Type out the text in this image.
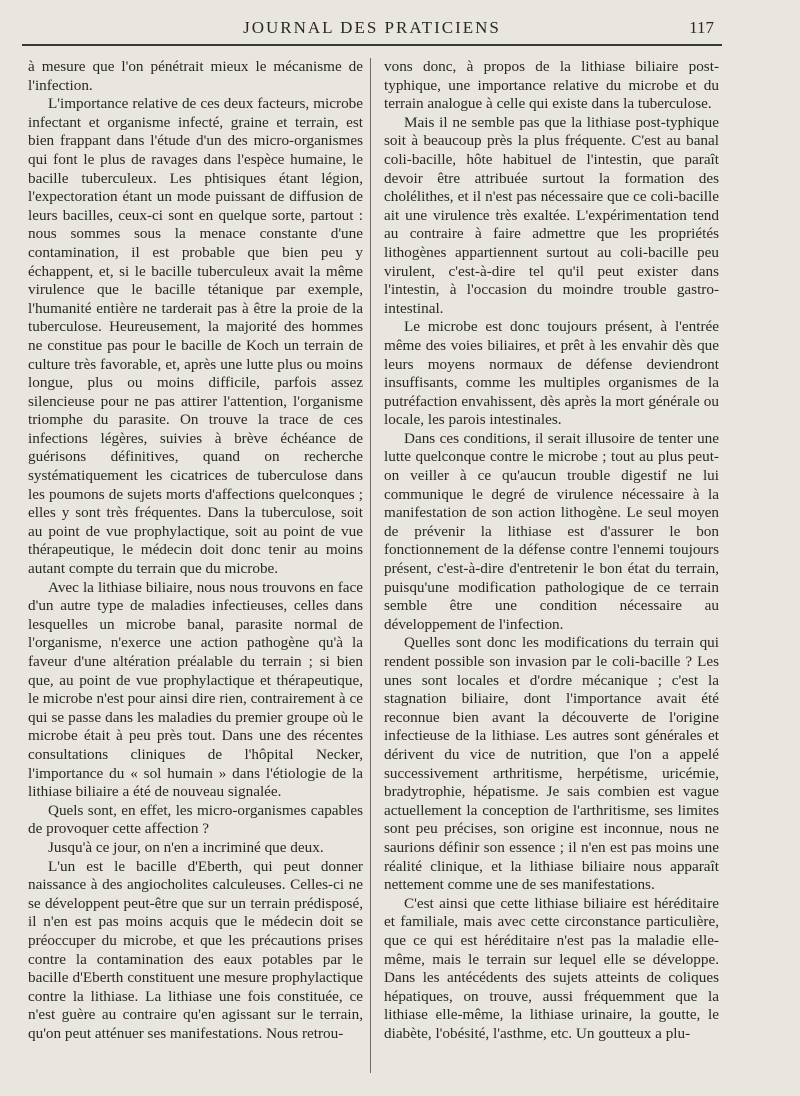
JOURNAL DES PRATICIENS	117

à mesure que l'on pénétrait mieux le mécanisme de l'infection.

L'importance relative de ces deux facteurs, microbe infectant et organisme infecté, graine et terrain, est bien frappant dans l'étude d'un des micro-organismes qui font le plus de ravages dans l'espèce humaine, le bacille tuberculeux. Les phtisiques étant légion, l'expectoration étant un mode puissant de diffusion de leurs bacilles, ceux-ci sont en quelque sorte, partout : nous sommes sous la menace constante d'une contamination, il est probable que bien peu y échappent, et, si le bacille tuberculeux avait la même virulence que le bacille tétanique par exemple, l'humanité entière ne tarderait pas à être la proie de la tuberculose. Heureusement, la majorité des hommes ne constitue pas pour le bacille de Koch un terrain de culture très favorable, et, après une lutte plus ou moins longue, plus ou moins difficile, parfois assez silencieuse pour ne pas attirer l'attention, l'organisme triomphe du parasite. On trouve la trace de ces infections légères, suivies à brève échéance de guérisons définitives, quand on recherche systématiquement les cicatrices de tuberculose dans les poumons de sujets morts d'affections quelconques ; elles y sont très fréquentes. Dans la tuberculose, soit au point de vue prophylactique, soit au point de vue thérapeutique, le médecin doit donc tenir au moins autant compte du terrain que du microbe.

Avec la lithiase biliaire, nous nous trouvons en face d'un autre type de maladies infectieuses, celles dans lesquelles un microbe banal, parasite normal de l'organisme, n'exerce une action pathogène qu'à la faveur d'une altération préalable du terrain ; si bien que, au point de vue prophylactique et thérapeutique, le microbe n'est pour ainsi dire rien, contrairement à ce qui se passe dans les maladies du premier groupe où le microbe était à peu près tout. Dans une des récentes consultations cliniques de l'hôpital Necker, l'importance du « sol humain » dans l'étiologie de la lithiase biliaire a été de nouveau signalée.

Quels sont, en effet, les micro-organismes capables de provoquer cette affection ?

Jusqu'à ce jour, on n'en a incriminé que deux.

L'un est le bacille d'Eberth, qui peut donner naissance à des angiocholites calculeuses. Celles-ci ne se développent peut-être que sur un terrain prédisposé, il n'en est pas moins acquis que le médecin doit se préoccuper du microbe, et que les précautions prises contre la contamination des eaux potables par le bacille d'Eberth constituent une mesure prophylactique contre la lithiase. La lithiase une fois constituée, ce n'est guère au contraire qu'en agissant sur le terrain, qu'on peut atténuer ses manifestations. Nous retrou-

vons donc, à propos de la lithiase biliaire post-typhique, une importance relative du microbe et du terrain analogue à celle qui existe dans la tuberculose.

Mais il ne semble pas que la lithiase post-typhique soit à beaucoup près la plus fréquente. C'est au banal coli-bacille, hôte habituel de l'intestin, que paraît devoir être attribuée surtout la formation des cholélithes, et il n'est pas nécessaire que ce coli-bacille ait une virulence très exaltée. L'expérimentation tend au contraire à faire admettre que les propriétés lithogènes appartiennent surtout au coli-bacille peu virulent, c'est-à-dire tel qu'il peut exister dans l'intestin, à l'occasion du moindre trouble gastro-intestinal.

Le microbe est donc toujours présent, à l'entrée même des voies biliaires, et prêt à les envahir dès que leurs moyens normaux de défense deviendront insuffisants, comme les multiples organismes de la putréfaction envahissent, dès après la mort générale ou locale, les parois intestinales.

Dans ces conditions, il serait illusoire de tenter une lutte quelconque contre le microbe ; tout au plus peut-on veiller à ce qu'aucun trouble digestif ne lui communique le degré de virulence nécessaire à la manifestation de son action lithogène. Le seul moyen de prévenir la lithiase est d'assurer le bon fonctionnement de la défense contre l'ennemi toujours présent, c'est-à-dire d'entretenir le bon état du terrain, puisqu'une modification pathologique de ce terrain semble être une condition nécessaire au développement de l'infection.

Quelles sont donc les modifications du terrain qui rendent possible son invasion par le coli-bacille ? Les unes sont locales et d'ordre mécanique ; c'est la stagnation biliaire, dont l'importance avait été reconnue bien avant la découverte de l'origine infectieuse de la lithiase. Les autres sont générales et dérivent du vice de nutrition, que l'on a appelé successivement arthritisme, herpétisme, uricémie, bradytrophie, hépatisme. Je sais combien est vague actuellement la conception de l'arthritisme, ses limites sont peu précises, son origine est inconnue, nous ne saurions définir son essence ; il n'en est pas moins une réalité clinique, et la lithiase biliaire nous apparaît nettement comme une de ses manifestations.

C'est ainsi que cette lithiase biliaire est héréditaire et familiale, mais avec cette circonstance particulière, que ce qui est héréditaire n'est pas la maladie elle-même, mais le terrain sur lequel elle se développe. Dans les antécédents des sujets atteints de coliques hépatiques, on trouve, aussi fréquemment que la lithiase elle-même, la lithiase urinaire, la goutte, le diabète, l'obésité, l'asthme, etc. Un goutteux a plu-
